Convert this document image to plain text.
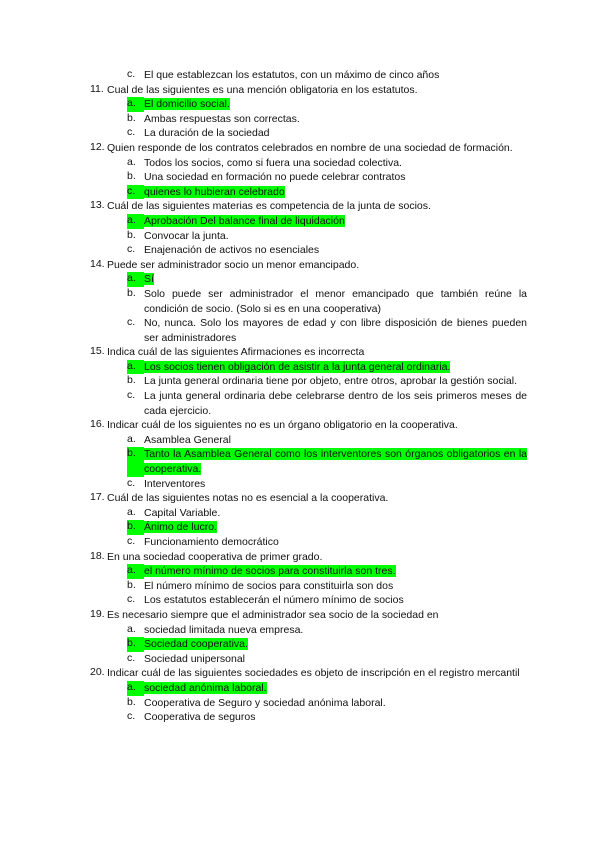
c. El que establezcan los estatutos, con un máximo de cinco años
11. Cual de las siguientes es una mención obligatoria en los estatutos.
a. El domicilio social.
b. Ambas respuestas son correctas.
c. La duración de la sociedad
12. Quien responde de los contratos celebrados en nombre de una sociedad de formación.
a. Todos los socios, como si fuera una sociedad colectiva.
b. Una sociedad en formación no puede celebrar contratos
c. quienes lo hubieran celebrado
13. Cuál de las siguientes materias es competencia de la junta de socios.
a. Aprobación Del balance final de liquidación
b. Convocar la junta.
c. Enajenación de activos no esenciales
14. Puede ser administrador socio un menor emancipado.
a. Sí
b. Solo puede ser administrador el menor emancipado que también reúne la condición de socio. (Solo si es en una cooperativa)
c. No, nunca. Solo los mayores de edad y con libre disposición de bienes pueden ser administradores
15. Indica cuál de las siguientes Afirmaciones es incorrecta
a. Los socios tienen obligación de asistir a la junta general ordinaria.
b. La junta general ordinaria tiene por objeto, entre otros, aprobar la gestión social.
c. La junta general ordinaria debe celebrarse dentro de los seis primeros meses de cada ejercicio.
16. Indicar cuál de los siguientes no es un órgano obligatorio en la cooperativa.
a. Asamblea General
b. Tanto la Asamblea General como los interventores son órganos obligatorios en la cooperativa.
c. Interventores
17. Cuál de las siguientes notas no es esencial a la cooperativa.
a. Capital Variable.
b. Ánimo de lucro.
c. Funcionamiento democrático
18. En una sociedad cooperativa de primer grado.
a. el número mínimo de socios para constituirla son tres.
b. El número mínimo de socios para constituirla son dos
c. Los estatutos establecerán el número mínimo de socios
19. Es necesario siempre que el administrador sea socio de la sociedad en
a. sociedad limitada nueva empresa.
b. Sociedad cooperativa.
c. Sociedad unipersonal
20. Indicar cuál de las siguientes sociedades es objeto de inscripción en el registro mercantil
a. sociedad anónima laboral.
b. Cooperativa de Seguro y sociedad anónima laboral.
c. Cooperativa de seguros
